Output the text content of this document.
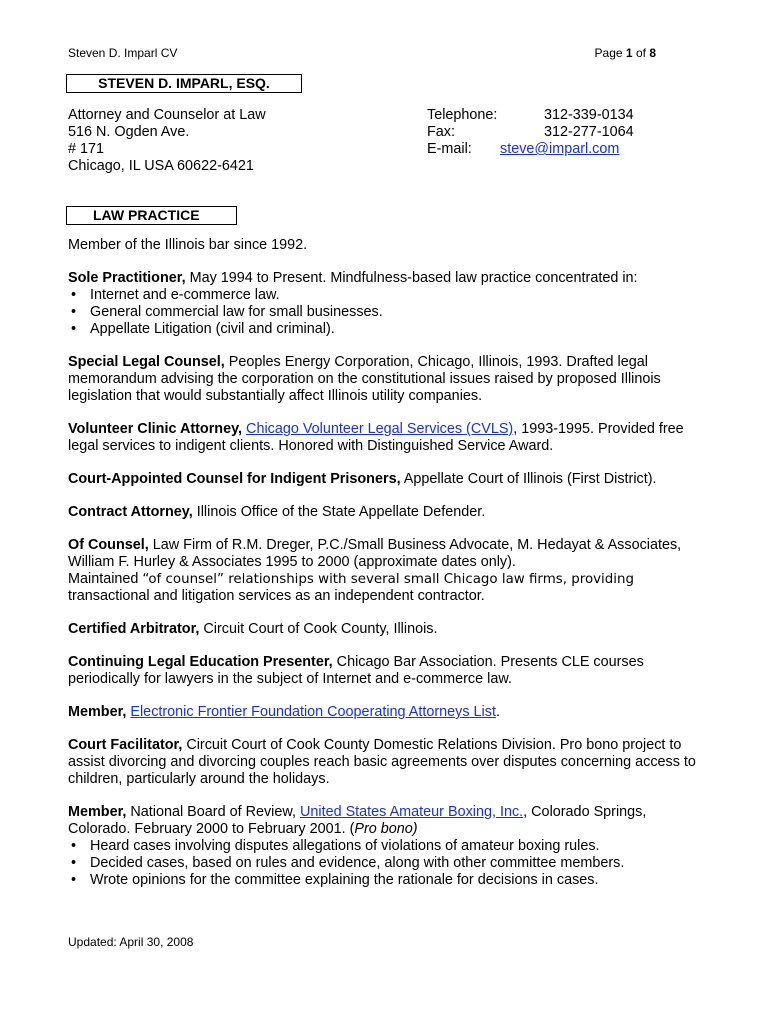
Steven D. Imparl CV	Page 1 of 8
STEVEN D. IMPARL, ESQ.
Attorney and Counselor at Law
516 N. Ogden Ave.
# 171
Chicago, IL USA 60622-6421
Telephone:	312-339-0134
Fax:	312-277-1064
E-mail:	steve@imparl.com
LAW PRACTICE

Member of the Illinois bar since 1992.

Sole Practitioner, May 1994 to Present. Mindfulness-based law practice concentrated in:

• Internet and e-commerce law.
• General commercial law for small businesses.
• Appellate Litigation (civil and criminal).

Special Legal Counsel, Peoples Energy Corporation, Chicago, Illinois, 1993. Drafted legal memorandum advising the corporation on the constitutional issues raised by proposed Illinois legislation that would substantially affect Illinois utility companies.

Volunteer Clinic Attorney, Chicago Volunteer Legal Services (CVLS), 1993-1995. Provided free legal services to indigent clients. Honored with Distinguished Service Award.

Court-Appointed Counsel for Indigent Prisoners, Appellate Court of Illinois (First District).

Contract Attorney, Illinois Office of the State Appellate Defender.

Of Counsel, Law Firm of R.M. Dreger, P.C./Small Business Advocate, M. Hedayat & Associates, William F. Hurley & Associates 1995 to 2000 (approximate dates only).
Maintained “of counsel” relationships with several small Chicago law firms, providing
transactional and litigation services as an independent contractor.

Certified Arbitrator, Circuit Court of Cook County, Illinois.

Continuing Legal Education Presenter, Chicago Bar Association. Presents CLE courses periodically for lawyers in the subject of Internet and e-commerce law.

Member, Electronic Frontier Foundation Cooperating Attorneys List.

Court Facilitator, Circuit Court of Cook County Domestic Relations Division. Pro bono project to assist divorcing and divorcing couples reach basic agreements over disputes concerning access to children, particularly around the holidays.

Member, National Board of Review, United States Amateur Boxing, Inc., Colorado Springs, Colorado. February 2000 to February 2001. (Pro bono)

• Heard cases involving disputes allegations of violations of amateur boxing rules.
• Decided cases, based on rules and evidence, along with other committee members.
• Wrote opinions for the committee explaining the rationale for decisions in cases.
Updated: April 30, 2008
